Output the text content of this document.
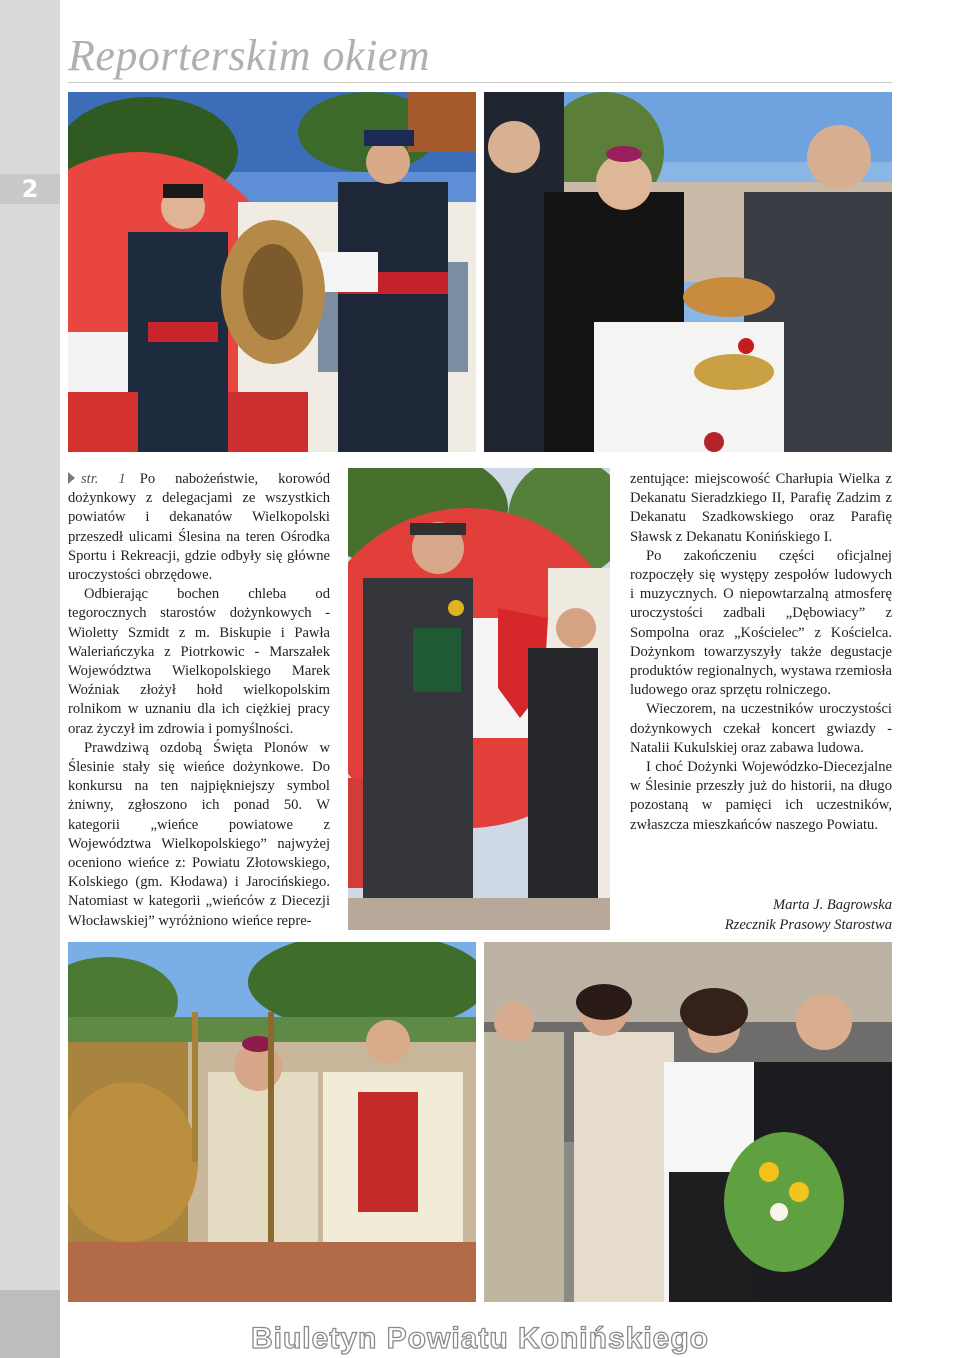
2
Reporterskim okiem

str. 1 Po nabożeństwie, korowód dożynkowy z delegacjami ze wszystkich powiatów i dekanatów Wielkopolski przeszedł ulicami Ślesina na teren Ośrodka Sportu i Rekreacji, gdzie odbyły się główne uroczystości obrzędowe.

Odbierając bochen chleba od tegorocznych starostów dożynkowych - Wioletty Szmidt z m. Biskupie i Pawła Waleriańczyka z Piotrkowic - Marszałek Województwa Wielkopolskiego Marek Woźniak złożył hołd wielkopolskim rolnikom w uznaniu dla ich ciężkiej pracy oraz życzył im zdrowia i pomyślności.

Prawdziwą ozdobą Święta Plonów w Ślesinie stały się wieńce dożynkowe. Do konkursu na ten najpiękniejszy symbol żniwny, zgłoszono ich ponad 50. W kategorii „wieńce powiatowe z Województwa Wielkopolskiego” najwyżej oceniono wieńce z: Powiatu Złotowskiego, Kolskiego (gm. Kłodawa) i Jarocińskiego. Natomiast w kategorii „wieńców z Diecezji Włocławskiej” wyróżniono wieńce repre-

zentujące: miejscowość Charłupia Wielka z Dekanatu Sieradzkiego II, Parafię Zadzim z Dekanatu Szadkowskiego oraz Parafię Sławsk z Dekanatu Konińskiego I.

Po zakończeniu części oficjalnej rozpoczęły się występy zespołów ludowych i muzycznych. O niepowtarzalną atmosferę uroczystości zadbali „Dębowiacy” z Sompolna oraz „Kościelec” z Kościelca. Dożynkom towarzyszyły także degustacje produktów regionalnych, wystawa rzemiosła ludowego oraz sprzętu rolniczego.

Wieczorem, na uczestników uroczystości dożynkowych czekał koncert gwiazdy - Natalii Kukulskiej oraz zabawa ludowa.

I choć Dożynki Wojewódzko-Diecezjalne w Ślesinie przeszły już do historii, na długo pozostaną w pamięci ich uczestników, zwłaszcza mieszkańców naszego Powiatu.

Marta J. Bagrowska
Rzecznik Prasowy Starostwa
Biuletyn Powiatu Konińskiego
